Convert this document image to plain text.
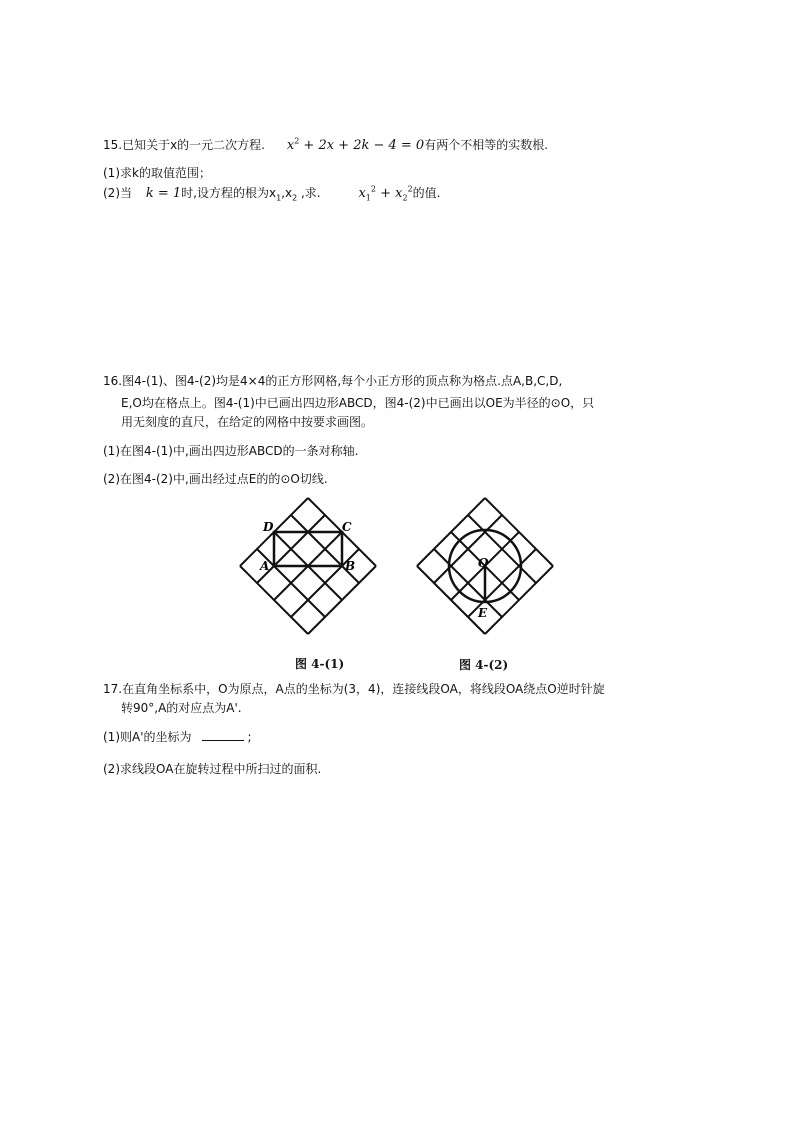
15.已知关于x的一元二次方程. $x^2 + 2x + 2k - 4 = 0$有两个不相等的实数根.
(1)求k的取值范围；
(2)当 k = 1时,设方程的根为$x_1,x_2$ ,求.	$x_1^2 + x_2^2$的值.
16.图4-(1)、图4-(2)均是4×4的正方形网格,每个小正方形的顶点称为格点.点A,B,C,D,
E,O均在格点上。图4-(1)中已画出四边形ABCD，图4-(2)中已画出以OE为半径的⊙O，只
用无刻度的直尺，在给定的网格中按要求画图。
(1)在图4-(1)中,画出四边形ABCD的一条对称轴.
(2)在图4-(2)中,画出经过点E的的⊙O切线.
D	C
A	B	O
E
图 4-(1)	图 4-(2)
17.在直角坐标系中，O为原点，A点的坐标为(3，4)，连接线段OA，将线段OA绕点O逆时针旋
转90°,A的对应点为A'.
(1)则A'的坐标为	;
(2)求线段OA在旋转过程中所扫过的面积.
